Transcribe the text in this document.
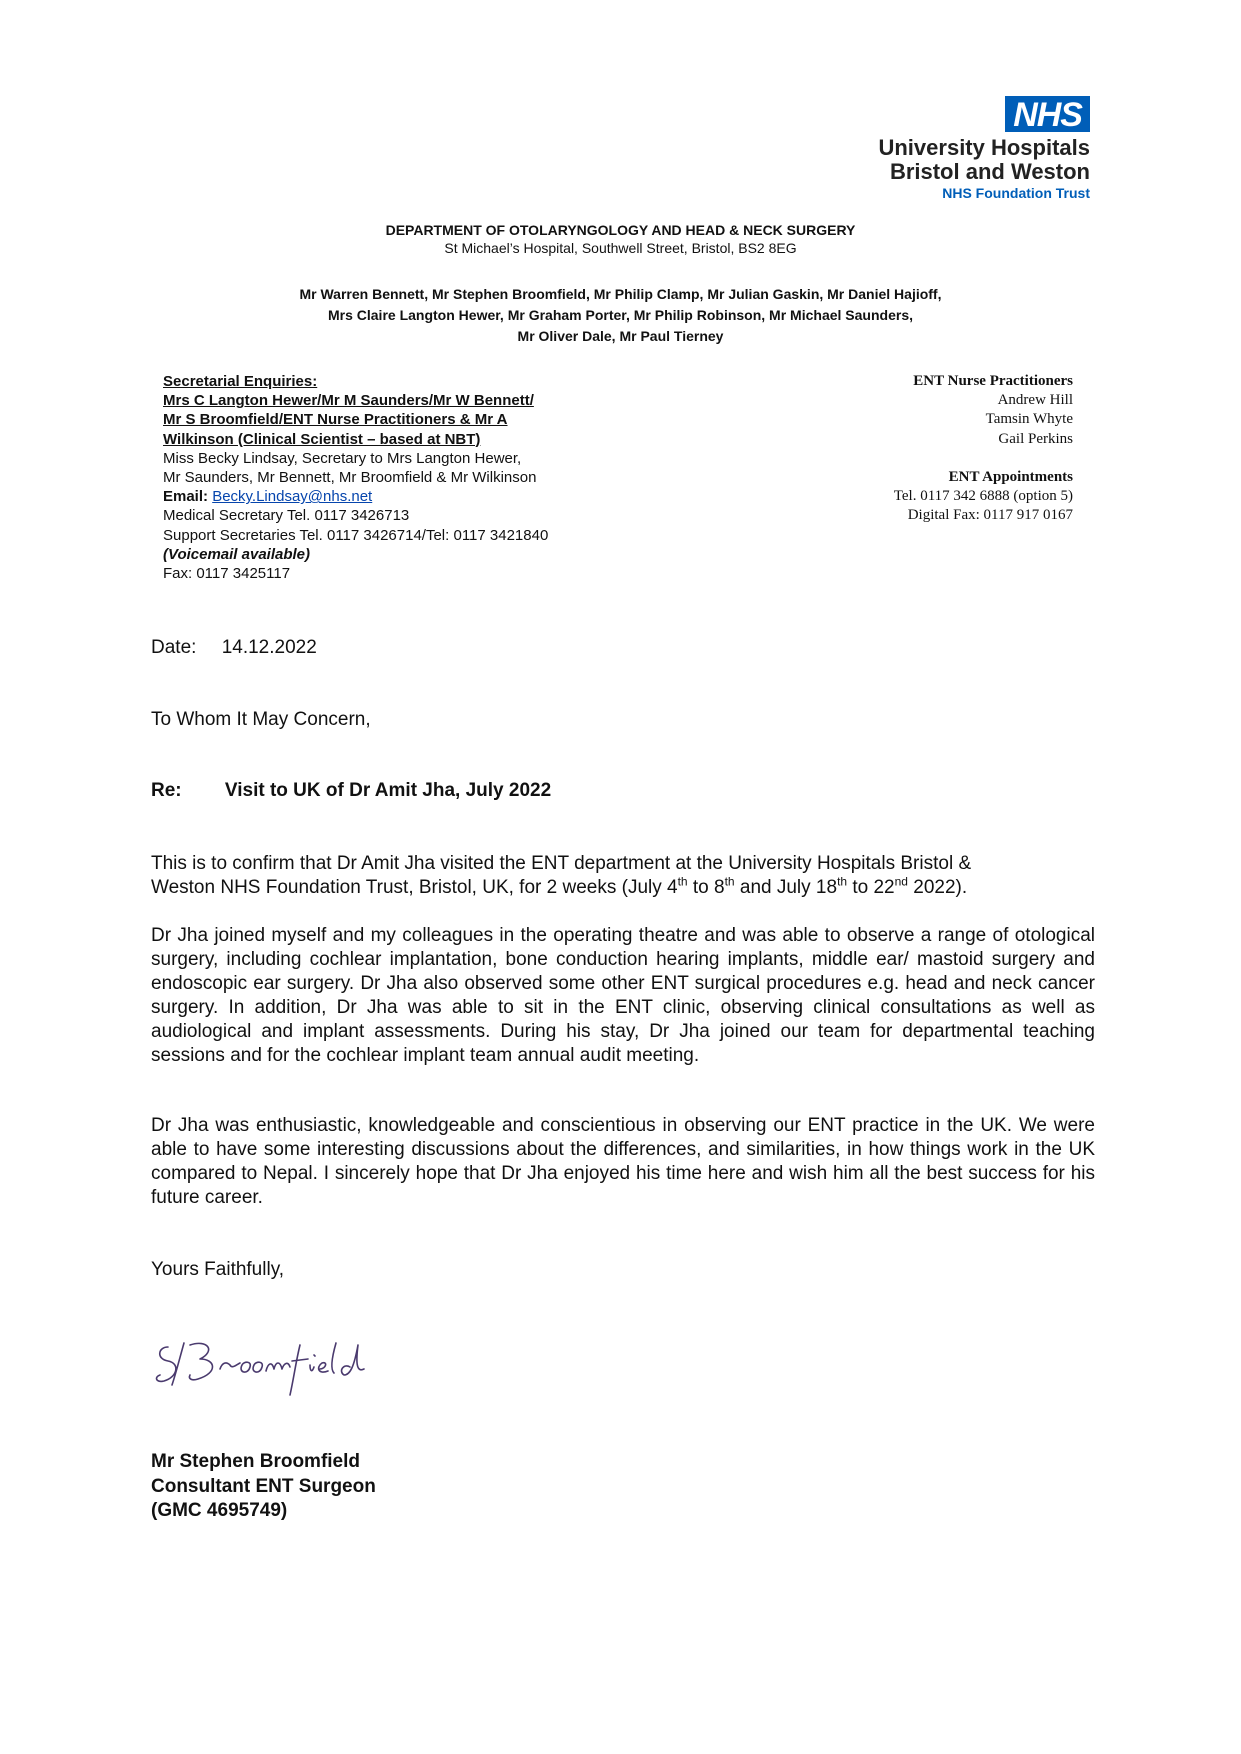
NHS
University Hospitals
Bristol and Weston
NHS Foundation Trust
DEPARTMENT OF OTOLARYNGOLOGY AND HEAD & NECK SURGERY
St Michael’s Hospital, Southwell Street, Bristol, BS2 8EG
Mr Warren Bennett, Mr Stephen Broomfield, Mr Philip Clamp, Mr Julian Gaskin, Mr Daniel Hajioff,
Mrs Claire Langton Hewer, Mr Graham Porter, Mr Philip Robinson, Mr Michael Saunders,
Mr Oliver Dale, Mr Paul Tierney
Secretarial Enquiries:
Mrs C Langton Hewer/Mr M Saunders/Mr W Bennett/
Mr S Broomfield/ENT Nurse Practitioners & Mr A
Wilkinson (Clinical Scientist – based at NBT)
Miss Becky Lindsay, Secretary to Mrs Langton Hewer,
Mr Saunders, Mr Bennett, Mr Broomfield & Mr Wilkinson
Email: Becky.Lindsay@nhs.net
Medical Secretary Tel. 0117 3426713
Support Secretaries Tel. 0117 3426714/Tel: 0117 3421840
(Voicemail available)
Fax: 0117 3425117
ENT Nurse Practitioners
Andrew Hill
Tamsin Whyte
Gail Perkins
ENT Appointments
Tel. 0117 342 6888 (option 5)
Digital Fax: 0117 917 0167
Date: 14.12.2022
To Whom It May Concern,
Re: Visit to UK of Dr Amit Jha, July 2022
This is to confirm that Dr Amit Jha visited the ENT department at the University Hospitals Bristol &
Weston NHS Foundation Trust, Bristol, UK, for 2 weeks (July 4th to 8th and July 18th to 22nd 2022).
Dr Jha joined myself and my colleagues in the operating theatre and was able to observe a range of otological surgery, including cochlear implantation, bone conduction hearing implants, middle ear/ mastoid surgery and endoscopic ear surgery. Dr Jha also observed some other ENT surgical procedures e.g. head and neck cancer surgery. In addition, Dr Jha was able to sit in the ENT clinic, observing clinical consultations as well as audiological and implant assessments. During his stay, Dr Jha joined our team for departmental teaching sessions and for the cochlear implant team annual audit meeting.
Dr Jha was enthusiastic, knowledgeable and conscientious in observing our ENT practice in the UK. We were able to have some interesting discussions about the differences, and similarities, in how things work in the UK compared to Nepal. I sincerely hope that Dr Jha enjoyed his time here and wish him all the best success for his future career.
Yours Faithfully,
Mr Stephen Broomfield
Consultant ENT Surgeon
(GMC 4695749)
